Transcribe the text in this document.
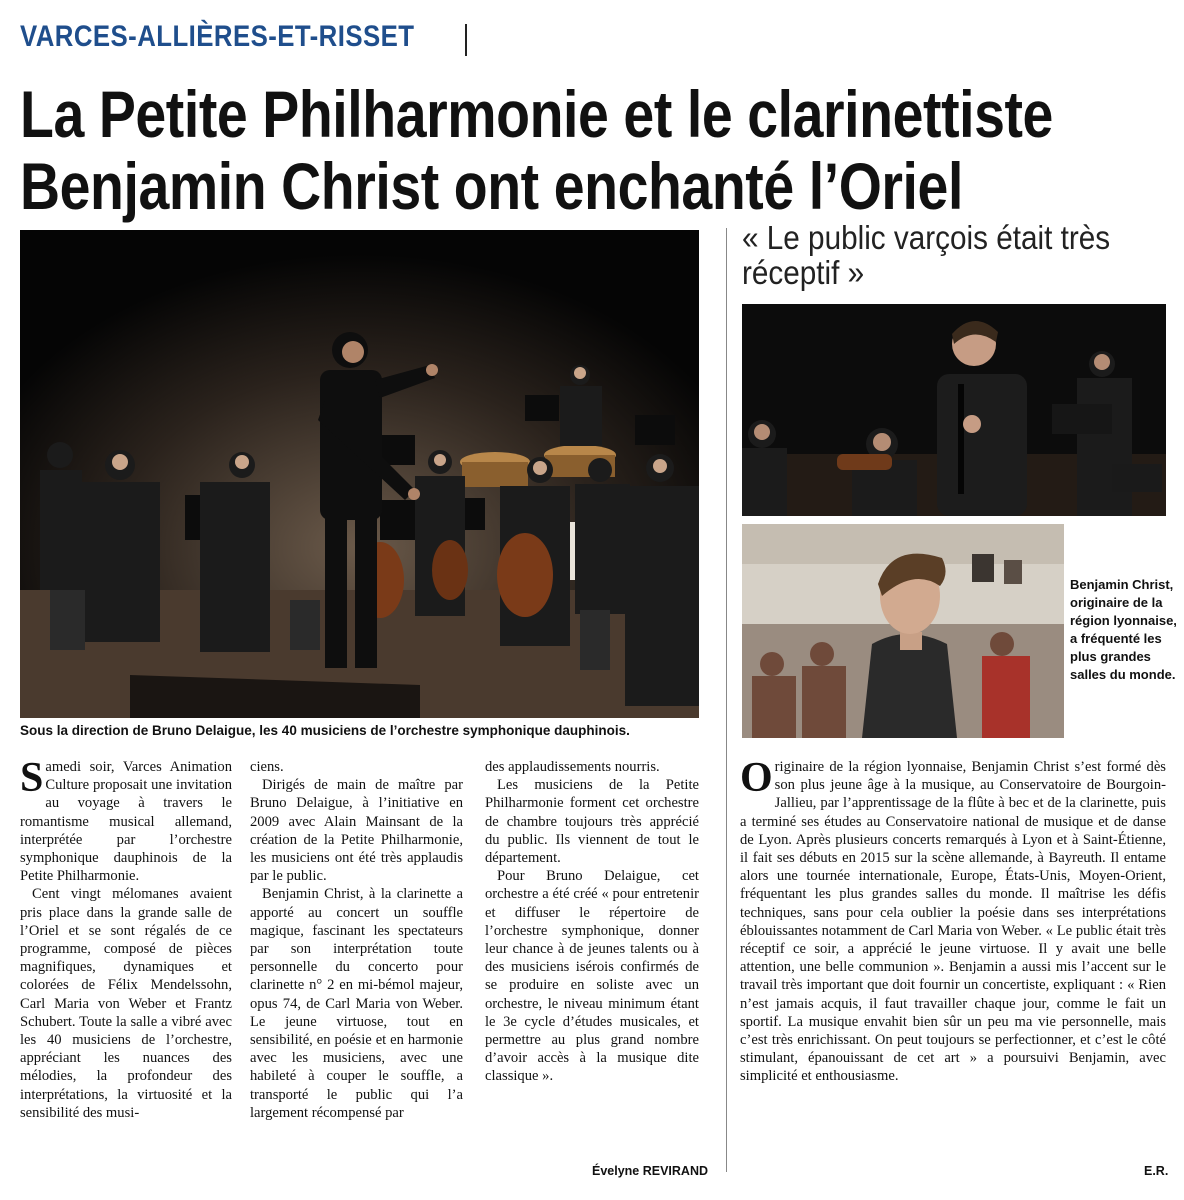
VARCES-ALLIÈRES-ET-RISSET
La Petite Philharmonie et le clarinettiste
Benjamin Christ ont enchanté l’Oriel
Sous la direction de Bruno Delaigue, les 40 musiciens de l’orchestre symphonique dauphinois.
« Le public varçois était très réceptif »
Benjamin Christ, originaire de la région lyonnaise, a fréquenté les plus grandes salles du monde.

Samedi soir, Varces Animation Culture proposait une invitation au voyage à travers le romantisme musical allemand, interprétée par l’orchestre symphonique dauphinois de la Petite Philharmonie.

Cent vingt mélomanes avaient pris place dans la grande salle de l’Oriel et se sont régalés de ce programme, composé de pièces magnifiques, dynamiques et colorées de Félix Mendelssohn, Carl Maria von Weber et Frantz Schubert. Toute la salle a vibré avec les 40 musiciens de l’orchestre, appréciant les nuances des mélodies, la profondeur des interprétations, la virtuosité et la sensibilité des musi-

ciens.

Dirigés de main de maître par Bruno Delaigue, à l’initiative en 2009 avec Alain Mainsant de la création de la Petite Philharmonie, les musiciens ont été très applaudis par le public.

Benjamin Christ, à la clarinette a apporté au concert un souffle magique, fascinant les spectateurs par son interprétation toute personnelle du concerto pour clarinette n° 2 en mi-bémol majeur, opus 74, de Carl Maria von Weber. Le jeune virtuose, tout en sensibilité, en poésie et en harmonie avec les musiciens, avec une habileté à couper le souffle, a transporté le public qui l’a largement récompensé par

des applaudissements nourris.

Les musiciens de la Petite Philharmonie forment cet orchestre de chambre toujours très apprécié du public. Ils viennent de tout le département.

Pour Bruno Delaigue, cet orchestre a été créé « pour entretenir et diffuser le répertoire de l’orchestre symphonique, donner leur chance à de jeunes talents ou à des musiciens isérois confirmés de se produire en soliste avec un orchestre, le niveau minimum étant le 3e cycle d’études musicales, et permettre au plus grand nombre d’avoir accès à la musique dite classique ».

Évelyne REVIRAND

Originaire de la région lyonnaise, Benjamin Christ s’est formé dès son plus jeune âge à la musique, au Conservatoire de Bourgoin-Jallieu, par l’apprentissage de la flûte à bec et de la clarinette, puis a terminé ses études au Conservatoire national de musique et de danse de Lyon. Après plusieurs concerts remarqués à Lyon et à Saint-Étienne, il fait ses débuts en 2015 sur la scène allemande, à Bayreuth. Il entame alors une tournée internationale, Europe, États-Unis, Moyen-Orient, fréquentant les plus grandes salles du monde. Il maîtrise les défis techniques, sans pour cela oublier la poésie dans ses interprétations éblouissantes notamment de Carl Maria von Weber. « Le public était très réceptif ce soir, a apprécié le jeune virtuose. Il y avait une belle attention, une belle communion ». Benjamin a aussi mis l’accent sur le travail très important que doit fournir un concertiste, expliquant : « Rien n’est jamais acquis, il faut travailler chaque jour, comme le fait un sportif. La musique envahit bien sûr un peu ma vie personnelle, mais c’est très enrichissant. On peut toujours se perfectionner, et c’est le côté stimulant, épanouissant de cet art » a poursuivi Benjamin, avec simplicité et enthousiasme.

E.R.
